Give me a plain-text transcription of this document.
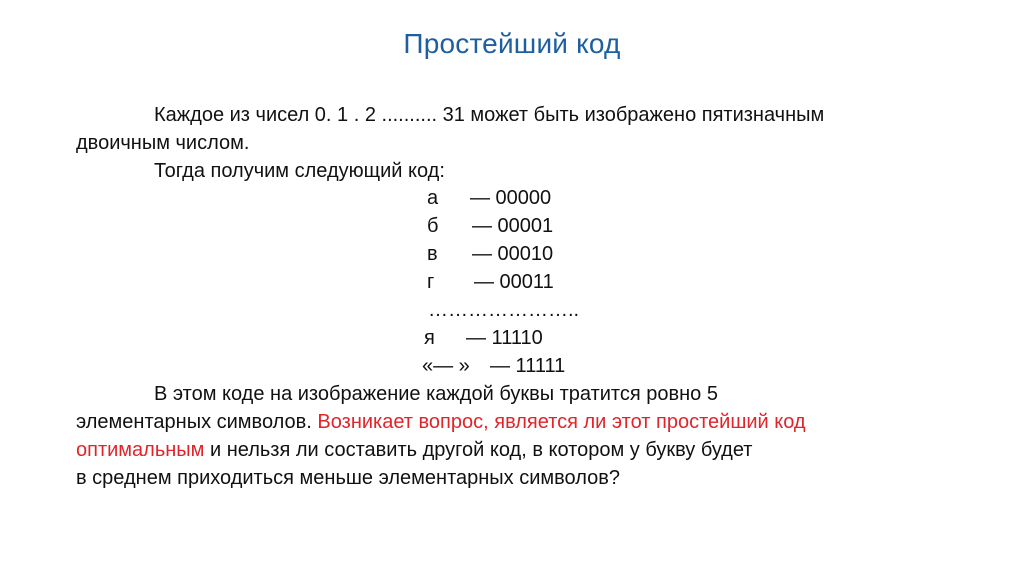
Простейший код
Каждое из чисел 0. 1 . 2 .......... 31 может быть изображено пятизначным
двоичным числом.
Тогда получим следующий код:
а — 00000
б — 00001
в — 00010
г — 00011
…………………..
я — 11110
«— » — 11111
В этом коде на изображение каждой буквы тратится ровно 5
элементарных символов. Возникает вопрос, является ли этот простейший код
оптимальным и нельзя ли составить другой код, в котором у букву будет
в среднем приходиться меньше элементарных символов?
